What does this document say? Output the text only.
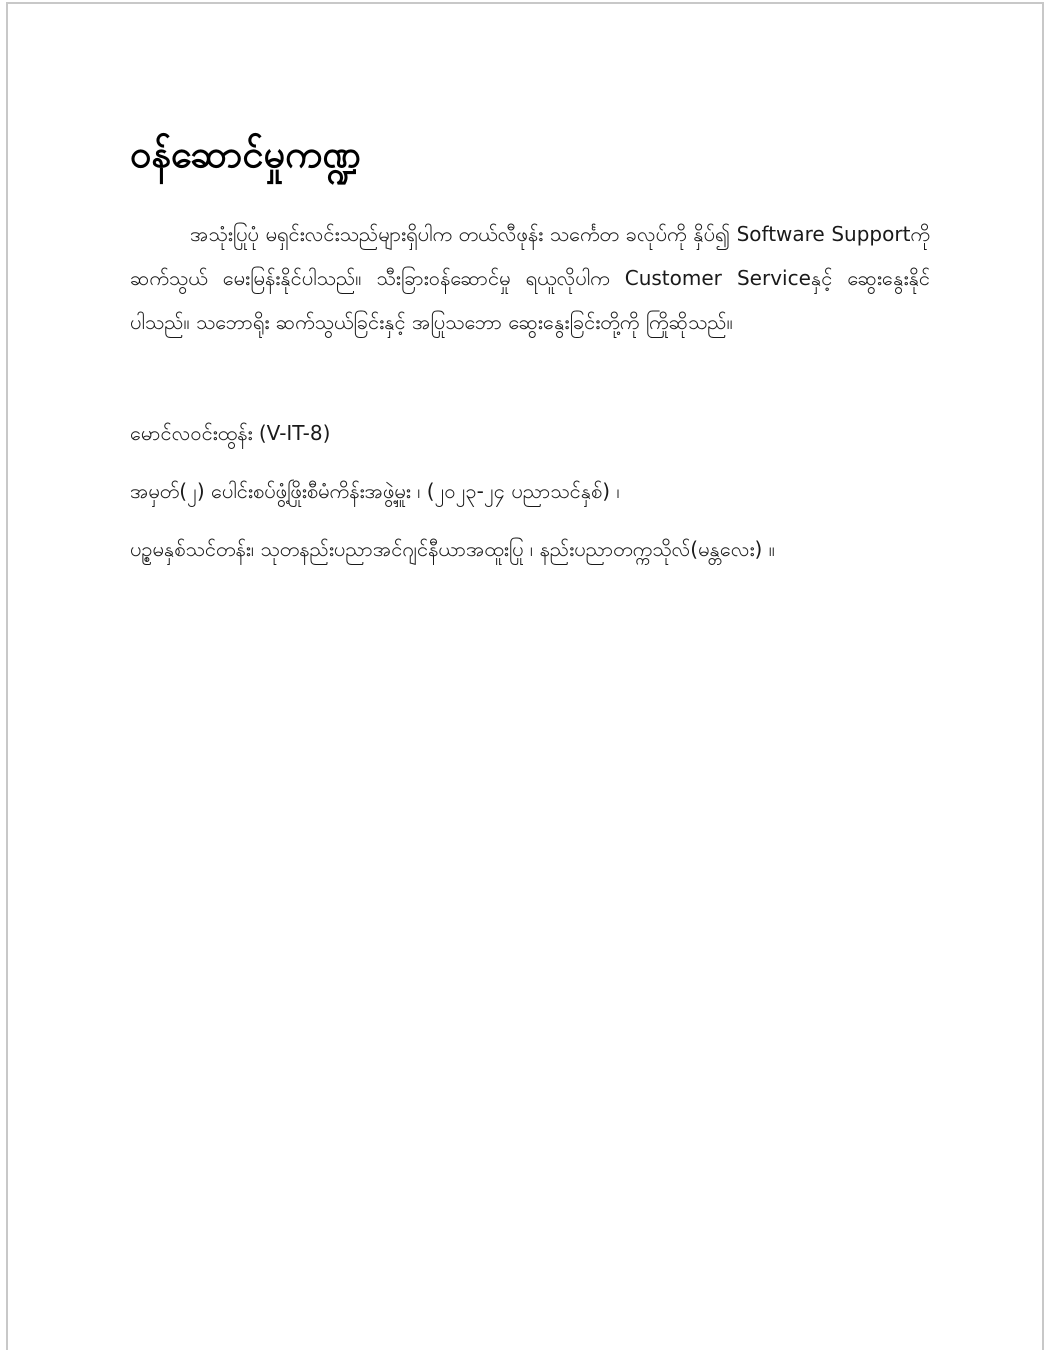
ဝန်ဆောင်မှုကဏ္ဍ

အသုံးပြုပုံ မရှင်းလင်းသည်များရှိပါက တယ်လီဖုန်း သင်္ကေတ ခလုပ်ကို နှိပ်၍ Software Supportကို ဆက်သွယ် မေးမြန်းနိုင်ပါသည်။ သီးခြားဝန်ဆောင်မှု ရယူလိုပါက Customer Serviceနှင့် ဆွေးနွေးနိုင်ပါသည်။ သဘောရိုး ဆက်သွယ်ခြင်းနှင့် အပြုသဘော ဆွေးနွေးခြင်းတို့ကို ကြိုဆိုသည်။

မောင်လဝင်းထွန်း (V-IT-8)
အမှတ်(၂) ပေါင်းစပ်ဖွံ့ဖြိုးစီမံကိန်းအဖွဲ့မှူး ၊ (၂၀၂၃-၂၄ ပညာသင်နှစ်) ၊
ပဥ္စမနှစ်သင်တန်း၊ သုတနည်းပညာအင်ဂျင်နီယာအထူးပြု ၊ နည်းပညာတက္ကသိုလ်(မန္တလေး) ။
